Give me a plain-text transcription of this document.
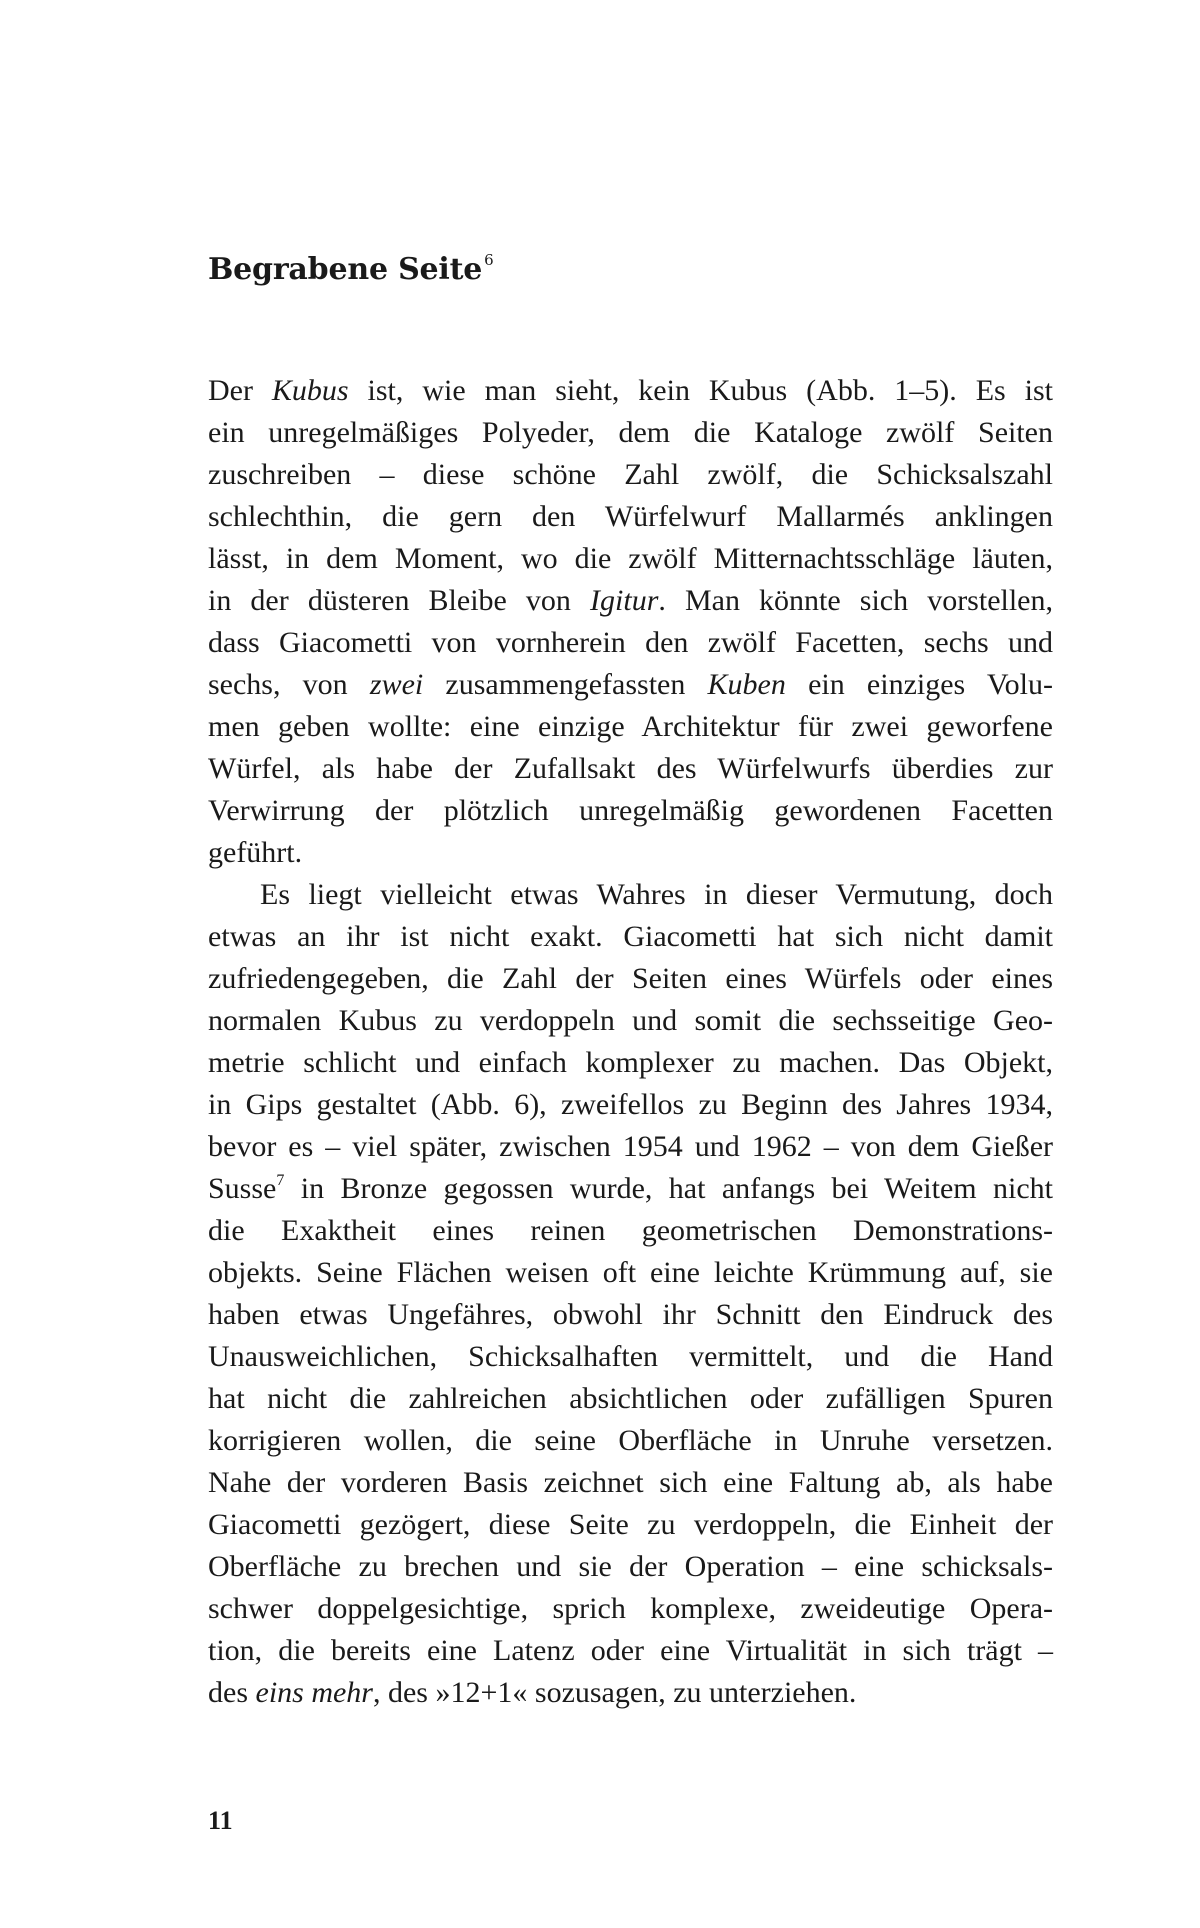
Begrabene Seite $^6$
Der Kubus ist, wie man sieht, kein Kubus (Abb. 1–5). Es ist
ein unregelmäßiges Polyeder, dem die Kataloge zwölf Seiten
zuschreiben – diese schöne Zahl zwölf, die Schicksalszahl
schlechthin, die gern den Würfelwurf Mallarmés anklingen
lässt, in dem Moment, wo die zwölf Mitternachtsschläge läuten,
in der düsteren Bleibe von Igitur. Man könnte sich vorstellen,
dass Giacometti von vornherein den zwölf Facetten, sechs und
sechs, von zwei zusammengefassten Kuben ein einziges Volu-
men geben wollte: eine einzige Architektur für zwei geworfene
Würfel, als habe der Zufallsakt des Würfelwurfs überdies zur
Verwirrung der plötzlich unregelmäßig gewordenen Facetten
geführt.
Es liegt vielleicht etwas Wahres in dieser Vermutung, doch
etwas an ihr ist nicht exakt. Giacometti hat sich nicht damit
zufriedengegeben, die Zahl der Seiten eines Würfels oder eines
normalen Kubus zu verdoppeln und somit die sechsseitige Geo-
metrie schlicht und einfach komplexer zu machen. Das Objekt,
in Gips gestaltet (Abb. 6), zweifellos zu Beginn des Jahres 1934,
bevor es – viel später, zwischen 1954 und 1962 – von dem Gießer
Susse$^7$ in Bronze gegossen wurde, hat anfangs bei Weitem nicht
die Exaktheit eines reinen geometrischen Demonstrations-
objekts. Seine Flächen weisen oft eine leichte Krümmung auf, sie
haben etwas Ungefähres, obwohl ihr Schnitt den Eindruck des
Unausweichlichen, Schicksalhaften vermittelt, und die Hand
hat nicht die zahlreichen absichtlichen oder zufälligen Spuren
korrigieren wollen, die seine Oberfläche in Unruhe versetzen.
Nahe der vorderen Basis zeichnet sich eine Faltung ab, als habe
Giacometti gezögert, diese Seite zu verdoppeln, die Einheit der
Oberfläche zu brechen und sie der Operation – eine schicksals-
schwer doppelgesichtige, sprich komplexe, zweideutige Opera-
tion, die bereits eine Latenz oder eine Virtualität in sich trägt –
des eins mehr, des »12+1« sozusagen, zu unterziehen.
11
